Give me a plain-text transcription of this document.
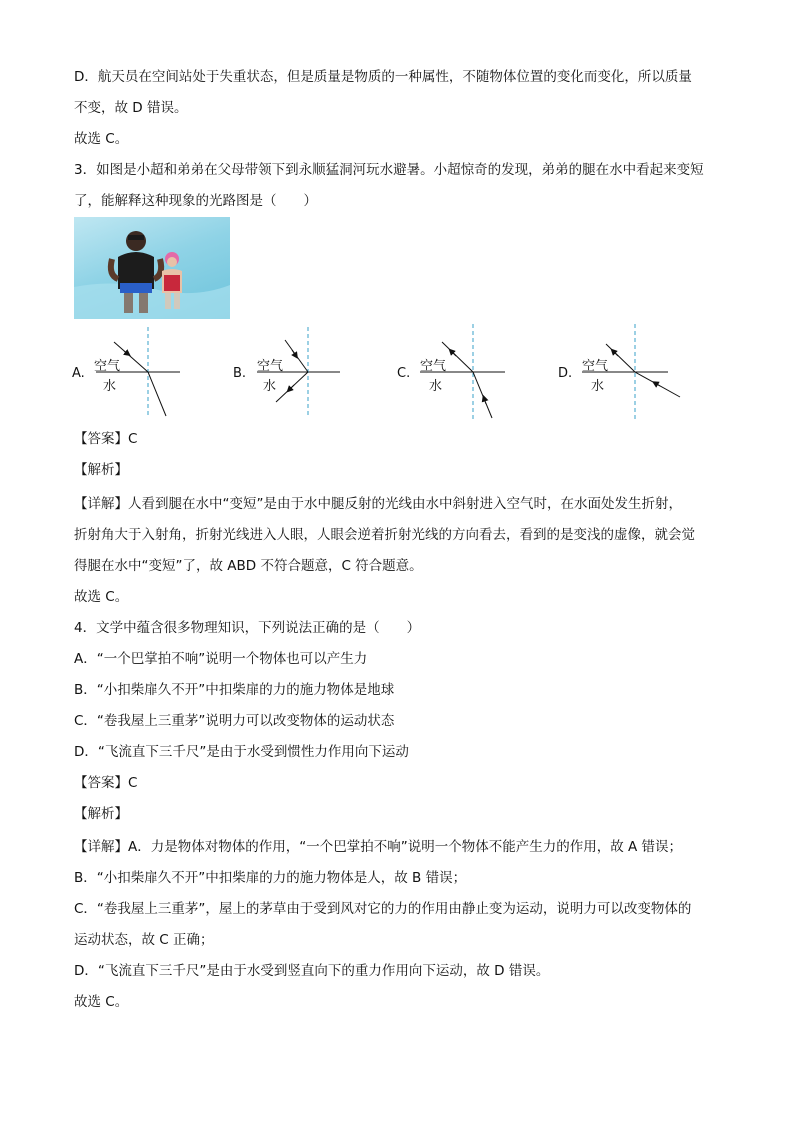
D．航天员在空间站处于失重状态，但是质量是物质的一种属性，不随物体位置的变化而变化，所以质量
不变，故 D 错误。
故选 C。
3．如图是小超和弟弟在父母带领下到永顺猛洞河玩水避暑。小超惊奇的发现，弟弟的腿在水中看起来变短
了，能解释这种现象的光路图是（　　）
A. 空气
水
B. 空气
水
C. 空气
水
D. 空气
水
【答案】C
【解析】
【详解】人看到腿在水中“变短”是由于水中腿反射的光线由水中斜射进入空气时，在水面处发生折射，
折射角大于入射角，折射光线进入人眼，人眼会逆着折射光线的方向看去，看到的是变浅的虚像，就会觉
得腿在水中“变短”了，故 ABD 不符合题意，C 符合题意。
故选 C。
4．文学中蕴含很多物理知识，下列说法正确的是（　　）
A．“一个巴掌拍不响”说明一个物体也可以产生力
B．“小扣柴扉久不开”中扣柴扉的力的施力物体是地球
C．“卷我屋上三重茅”说明力可以改变物体的运动状态
D．“飞流直下三千尺”是由于水受到惯性力作用向下运动
【答案】C
【解析】
【详解】A．力是物体对物体的作用，“一个巴掌拍不响”说明一个物体不能产生力的作用，故 A 错误；
B．“小扣柴扉久不开”中扣柴扉的力的施力物体是人，故 B 错误；
C．“卷我屋上三重茅”，屋上的茅草由于受到风对它的力的作用由静止变为运动，说明力可以改变物体的
运动状态，故 C 正确；
D．“飞流直下三千尺”是由于水受到竖直向下的重力作用向下运动，故 D 错误。
故选 C。
